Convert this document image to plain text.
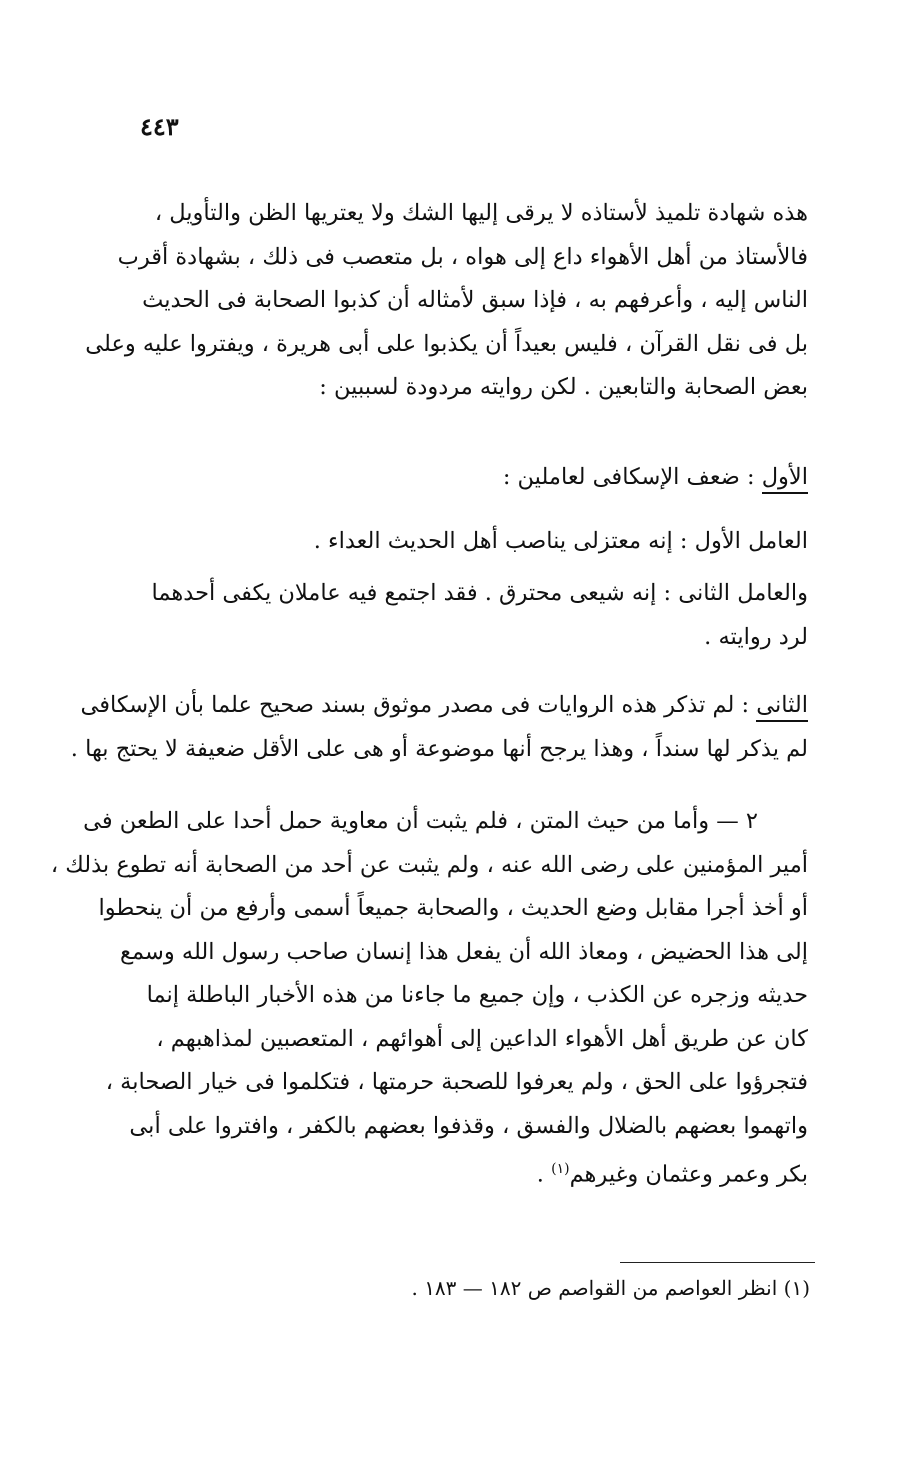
٤٤٣
هذه شهادة تلميذ لأستاذه لا يرقى إليها الشك ولا يعتريها الظن والتأويل ،
فالأستاذ من أهل الأهواء داع إلى هواه ، بل متعصب فى ذلك ، بشهادة أقرب
الناس إليه ، وأعرفهم به ، فإذا سبق لأمثاله أن كذبوا الصحابة فى الحديث
بل فى نقل القرآن ، فليس بعيداً أن يكذبوا على أبى هريرة ، ويفتروا عليه وعلى
بعض الصحابة والتابعين . لكن روايته مردودة لسببين :
الأول : ضعف الإسكافى لعاملين :
العامل الأول : إنه معتزلى يناصب أهل الحديث العداء .
والعامل الثانى : إنه شيعى محترق . فقد اجتمع فيه عاملان يكفى أحدهما
لرد روايته .
الثانى : لم تذكر هذه الروايات فى مصدر موثوق بسند صحيح علما بأن الإسكافى
لم يذكر لها سنداً ، وهذا يرجح أنها موضوعة أو هى على الأقل ضعيفة لا يحتج بها .
٢ — وأما من حيث المتن ، فلم يثبت أن معاوية حمل أحدا على الطعن فى
أمير المؤمنين على رضى الله عنه ، ولم يثبت عن أحد من الصحابة أنه تطوع بذلك ،
أو أخذ أجرا مقابل وضع الحديث ، والصحابة جميعاً أسمى وأرفع من أن ينحطوا
إلى هذا الحضيض ، ومعاذ الله أن يفعل هذا إنسان صاحب رسول الله وسمع
حديثه وزجره عن الكذب ، وإن جميع ما جاءنا من هذه الأخبار الباطلة إنما
كان عن طريق أهل الأهواء الداعين إلى أهوائهم ، المتعصبين لمذاهبهم ،
فتجرؤوا على الحق ، ولم يعرفوا للصحبة حرمتها ، فتكلموا فى خيار الصحابة ،
واتهموا بعضهم بالضلال والفسق ، وقذفوا بعضهم بالكفر ، وافتروا على أبى
بكر وعمر وعثمان وغيرهم$^{(١)}$ .
(١) انظر العواصم من القواصم ص ١٨٢ — ١٨٣ .
